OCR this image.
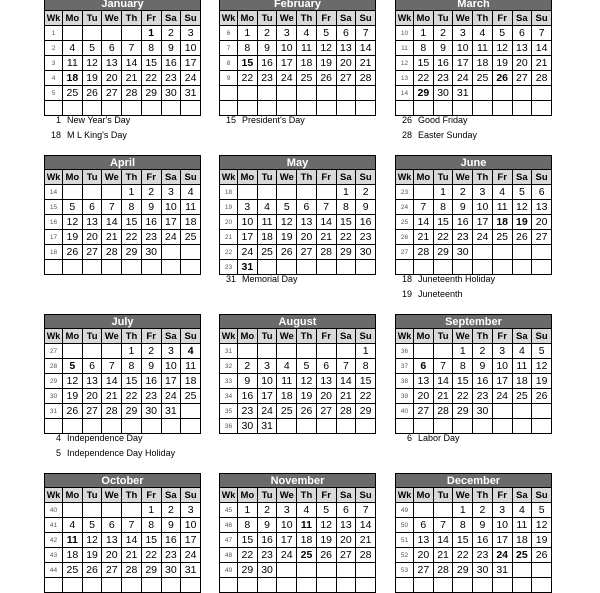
January
Wk	Mo	Tu	We	Th	Fr	Sa	Su
1					1	2	3
2	4	5	6	7	8	9	10
3	11	12	13	14	15	16	17
4	18	19	20	21	22	23	24
5	25	26	27	28	29	30	31

1 New Year's Day
18 M L King's Day
February
Wk	Mo	Tu	We	Th	Fr	Sa	Su
6	1	2	3	4	5	6	7
7	8	9	10	11	12	13	14
8	15	16	17	18	19	20	21
9	22	23	24	25	26	27	28

15 President's Day
March
Wk	Mo	Tu	We	Th	Fr	Sa	Su
10	1	2	3	4	5	6	7
11	8	9	10	11	12	13	14
12	15	16	17	18	19	20	21
13	22	23	24	25	26	27	28
14	29	30	31				

26 Good Friday
28 Easter Sunday
April
Wk	Mo	Tu	We	Th	Fr	Sa	Su
14				1	2	3	4
15	5	6	7	8	9	10	11
16	12	13	14	15	16	17	18
17	19	20	21	22	23	24	25
18	26	27	28	29	30		

May
Wk	Mo	Tu	We	Th	Fr	Sa	Su
18						1	2
19	3	4	5	6	7	8	9
20	10	11	12	13	14	15	16
21	17	18	19	20	21	22	23
22	24	25	26	27	28	29	30
23	31						
31 Memorial Day
June
Wk	Mo	Tu	We	Th	Fr	Sa	Su
23		1	2	3	4	5	6
24	7	8	9	10	11	12	13
25	14	15	16	17	18	19	20
26	21	22	23	24	25	26	27
27	28	29	30				

18 Juneteenth Holiday
19 Juneteenth
July
Wk	Mo	Tu	We	Th	Fr	Sa	Su
27				1	2	3	4
28	5	6	7	8	9	10	11
29	12	13	14	15	16	17	18
30	19	20	21	22	23	24	25
31	26	27	28	29	30	31	

4 Independence Day
5 Independence Day Holiday
August
Wk	Mo	Tu	We	Th	Fr	Sa	Su
31							1
32	2	3	4	5	6	7	8
33	9	10	11	12	13	14	15
34	16	17	18	19	20	21	22
35	23	24	25	26	27	28	29
36	30	31					
September
Wk	Mo	Tu	We	Th	Fr	Sa	Su
36			1	2	3	4	5
37	6	7	8	9	10	11	12
38	13	14	15	16	17	18	19
39	20	21	22	23	24	25	26
40	27	28	29	30			

6 Labor Day
October
Wk	Mo	Tu	We	Th	Fr	Sa	Su
40					1	2	3
41	4	5	6	7	8	9	10
42	11	12	13	14	15	16	17
43	18	19	20	21	22	23	24
44	25	26	27	28	29	30	31

November
Wk	Mo	Tu	We	Th	Fr	Sa	Su
45	1	2	3	4	5	6	7
46	8	9	10	11	12	13	14
47	15	16	17	18	19	20	21
48	22	23	24	25	26	27	28
49	29	30					

December
Wk	Mo	Tu	We	Th	Fr	Sa	Su
49			1	2	3	4	5
50	6	7	8	9	10	11	12
51	13	14	15	16	17	18	19
52	20	21	22	23	24	25	26
53	27	28	29	30	31		
